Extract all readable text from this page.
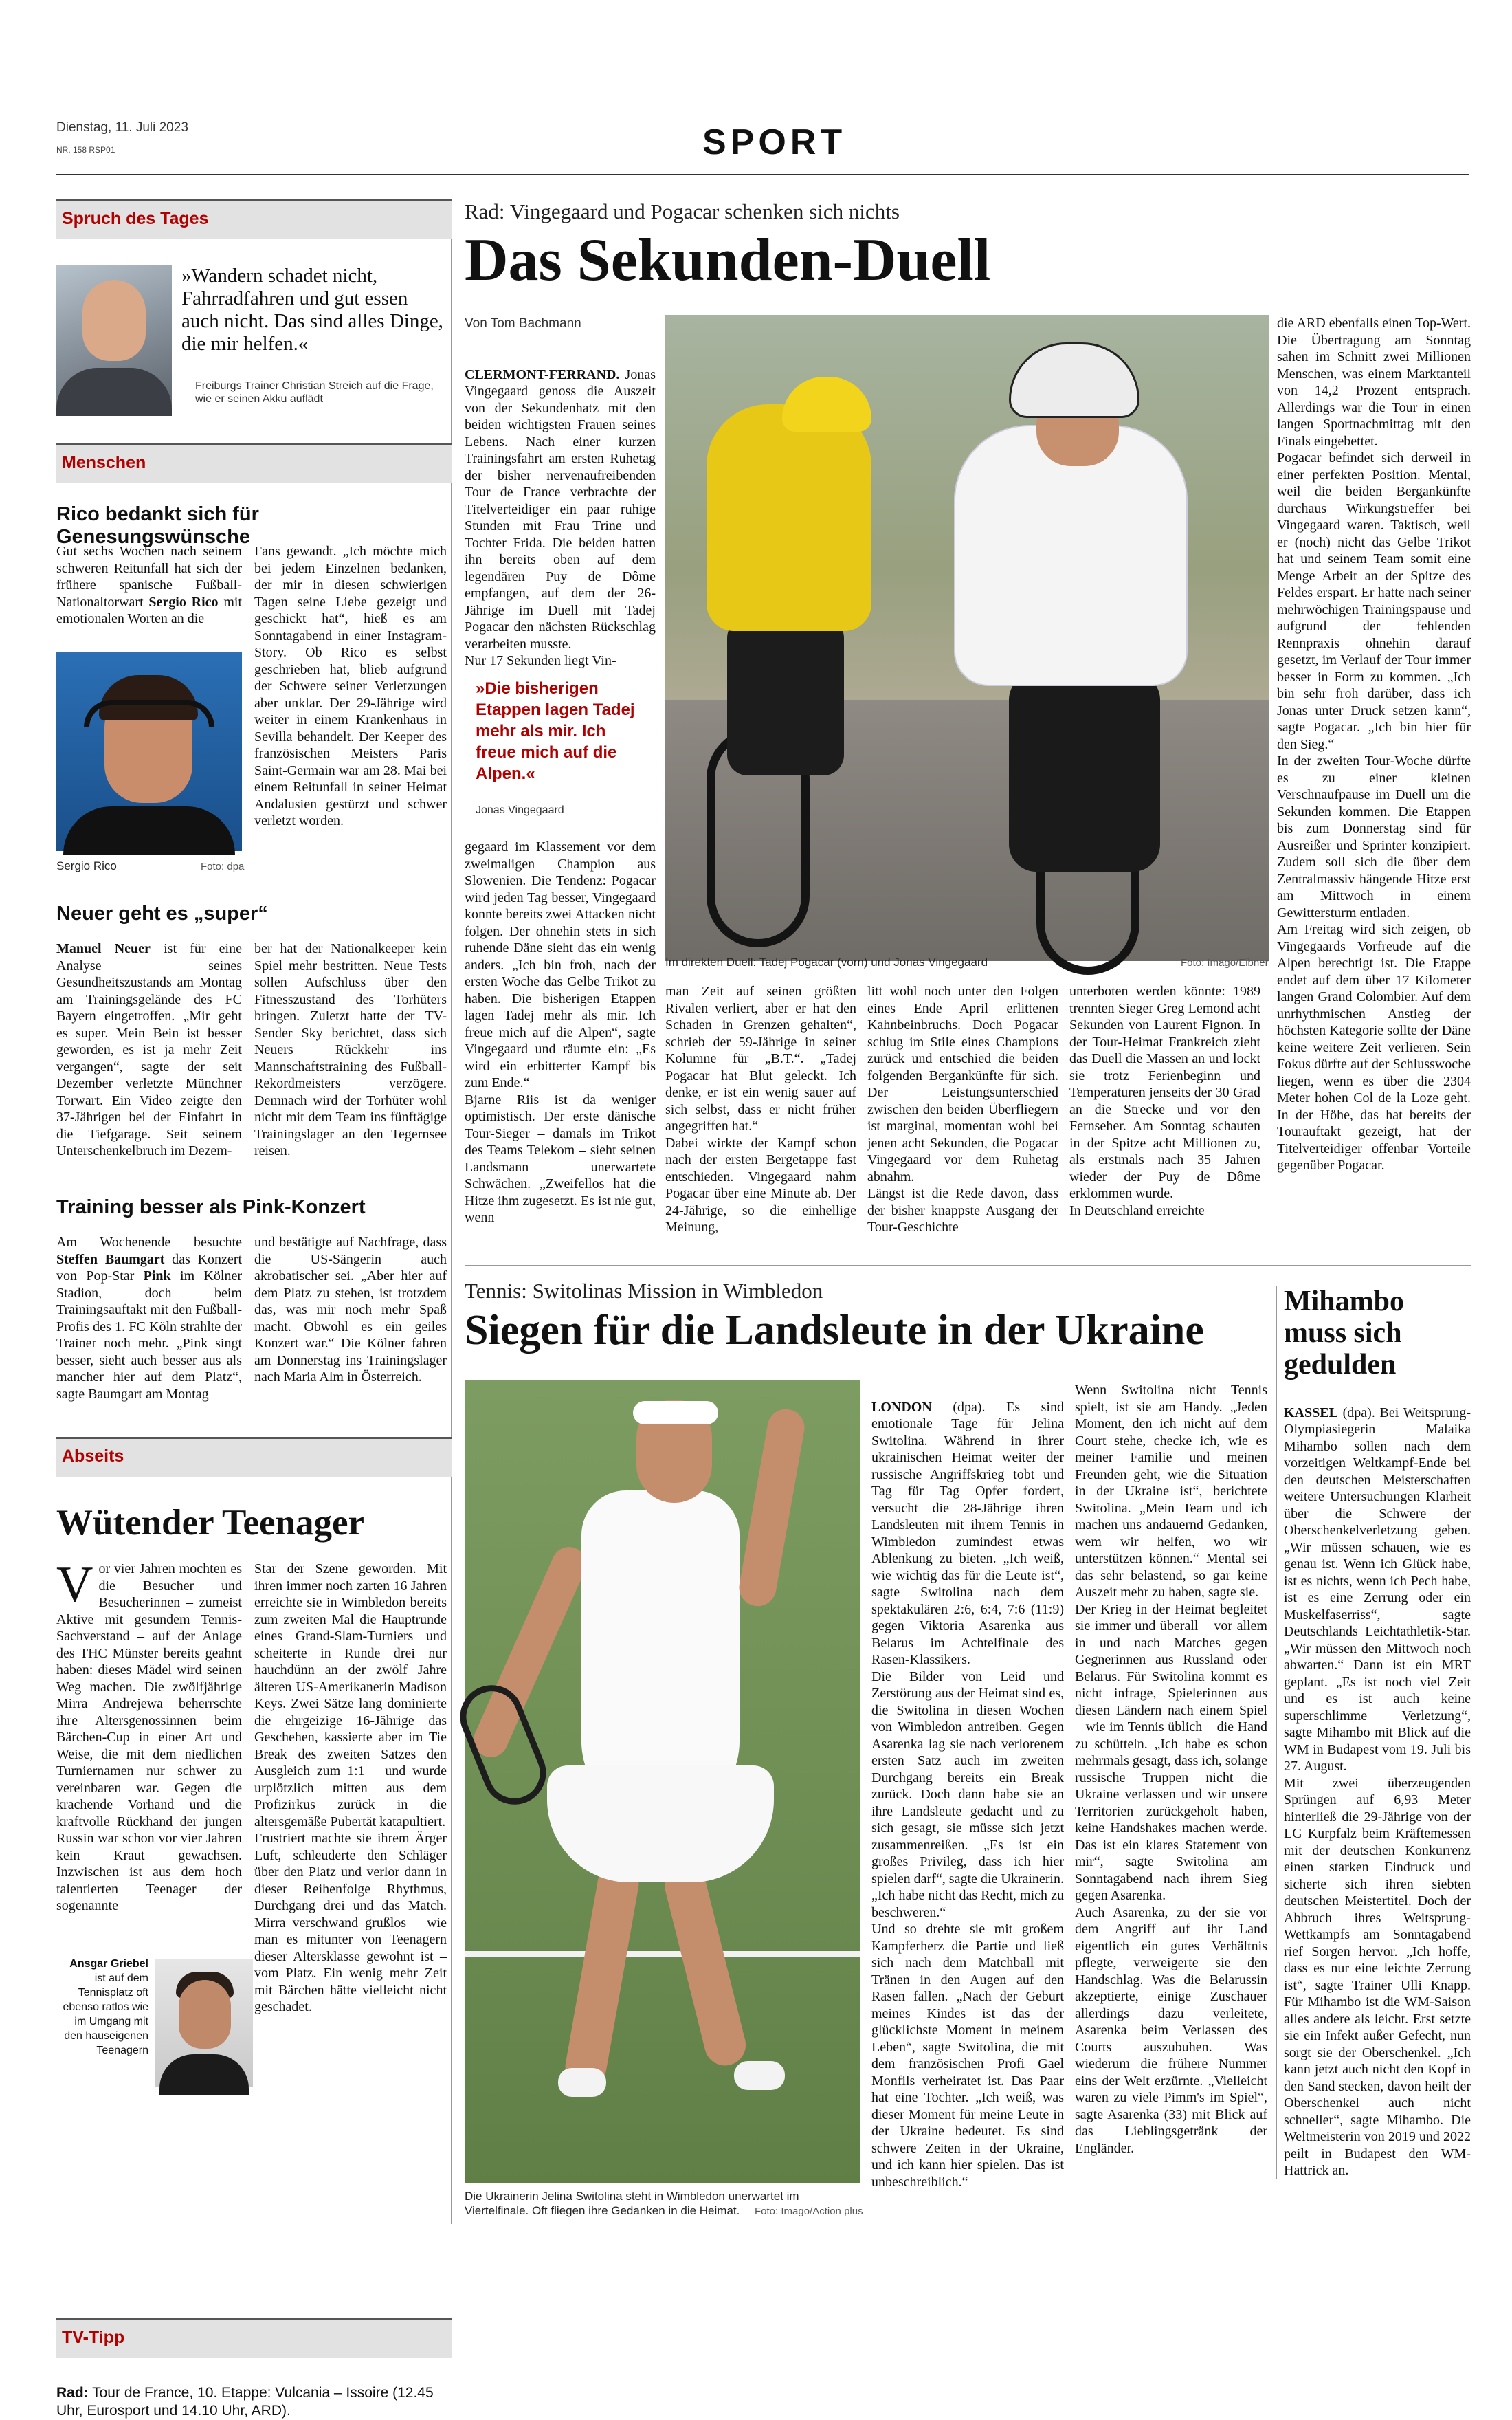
Dienstag, 11. Juli 2023
NR. 158 RSP01	SPORT
Spruch des Tages
»Wandern schadet nicht, Fahrradfahren und gut essen auch nicht. Das sind alles Dinge, die mir helfen.«
Freiburgs Trainer Christian Streich auf die Frage, wie er seinen Akku auflädt
Menschen
Rico bedankt sich für Genesungswünsche
Gut sechs Wochen nach seinem schweren Reitunfall hat sich der frühere spanische Fußball-Nationaltorwart Sergio Rico mit emotionalen Worten an die
Sergio Rico	Foto: dpa
Fans gewandt. „Ich möchte mich bei jedem Einzelnen bedanken, der mir in diesen schwierigen Tagen seine Liebe gezeigt und geschickt hat“, hieß es am Sonntagabend in einer Instagram-Story. Ob Rico es selbst geschrieben hat, blieb aufgrund der Schwere seiner Verletzungen aber unklar. Der 29-Jährige wird weiter in einem Krankenhaus in Sevilla behandelt. Der Keeper des französischen Meisters Paris Saint-Germain war am 28. Mai bei einem Reitunfall in seiner Heimat Andalusien gestürzt und schwer verletzt worden.
Neuer geht es „super“
Manuel Neuer ist für eine Analyse seines Gesundheitszustands am Montag am Trainingsgelände des FC Bayern eingetroffen. „Mir geht es super. Mein Bein ist besser geworden, es ist ja mehr Zeit vergangen“, sagte der seit Dezember verletzte Münchner Torwart. Ein Video zeigte den 37-Jährigen bei der Einfahrt in die Tiefgarage. Seit seinem Unterschenkelbruch im Dezem-
ber hat der Nationalkeeper kein Spiel mehr bestritten. Neue Tests sollen Aufschluss über den Fitnesszustand des Torhüters bringen. Zuletzt hatte der TV-Sender Sky berichtet, dass sich Neuers Rückkehr ins Mannschaftstraining des Fußball-Rekordmeisters verzögere. Demnach wird der Torhüter wohl nicht mit dem Team ins fünftägige Trainingslager an den Tegernsee reisen.
Training besser als Pink-Konzert
Am Wochenende besuchte Steffen Baumgart das Konzert von Pop-Star Pink im Kölner Stadion, doch beim Trainingsauftakt mit den Fußball-Profis des 1. FC Köln strahlte der Trainer noch mehr. „Pink singt besser, sieht auch besser aus als mancher hier auf dem Platz“, sagte Baumgart am Montag
und bestätigte auf Nachfrage, dass die US-Sängerin auch akrobatischer sei. „Aber hier auf dem Platz zu stehen, ist trotzdem das, was mir noch mehr Spaß macht. Obwohl es ein geiles Konzert war.“ Die Kölner fahren am Donnerstag ins Trainingslager nach Maria Alm in Österreich.
Abseits
Wütender Teenager
Vor vier Jahren mochten es die Besucher und Besucherinnen – zumeist Aktive mit gesundem Tennis-Sachverstand – auf der Anlage des THC Münster bereits geahnt haben: dieses Mädel wird seinen Weg machen. Die zwölfjährige Mirra Andrejewa beherrschte ihre Altersgenossinnen beim Bärchen-Cup in einer Art und Weise, die mit dem niedlichen Turniernamen nur schwer zu vereinbaren war. Gegen die krachende Vorhand und die kraftvolle Rückhand der jungen Russin war schon vor vier Jahren kein Kraut gewachsen. Inzwischen ist aus dem hoch talentierten Teenager der sogenannte
Star der Szene geworden. Mit ihren immer noch zarten 16 Jahren erreichte sie in Wimbledon bereits zum zweiten Mal die Hauptrunde eines Grand-Slam-Turniers und scheiterte in Runde drei nur hauchdünn an der zwölf Jahre älteren US-Amerikanerin Madison Keys. Zwei Sätze lang dominierte die ehrgeizige 16-Jährige das Geschehen, kassierte aber im Tie Break des zweiten Satzes den Ausgleich zum 1:1 – und wurde urplötzlich mitten aus dem Profizirkus zurück in die altersgemäße Pubertät katapultiert.
Frustriert machte sie ihrem Ärger Luft, schleuderte den Schläger über den Platz und verlor dann in dieser Reihenfolge Rhythmus, Durchgang drei und das Match. Mirra verschwand grußlos – wie man es mitunter von Teenagern dieser Altersklasse gewohnt ist – vom Platz. Ein wenig mehr Zeit mit Bärchen hätte vielleicht nicht geschadet.
Ansgar Griebel
ist auf dem Tennisplatz oft ebenso ratlos wie im Umgang mit den hauseigenen Teenagern
TV-Tipp
Rad: Tour de France, 10. Etappe: Vulcania – Issoire (12.45 Uhr, Eurosport und 14.10 Uhr, ARD).
Rad: Vingegaard und Pogacar schenken sich nichts
Das Sekunden-Duell
Von Tom Bachmann

CLERMONT-FERRAND. Jonas Vingegaard genoss die Auszeit von der Sekundenhatz mit den beiden wichtigsten Frauen seines Lebens. Nach einer kurzen Trainingsfahrt am ersten Ruhetag der bisher nervenaufreibenden Tour de France verbrachte der Titelverteidiger ein paar ruhige Stunden mit Frau Trine und Tochter Frida. Die beiden hatten ihn bereits oben auf dem legendären Puy de Dôme empfangen, auf dem der 26-Jährige im Duell mit Tadej Pogacar den nächsten Rückschlag verarbeiten musste.
Nur 17 Sekunden liegt Vin-

»Die bisherigen Etappen lagen Tadej mehr als mir. Ich freue mich auf die Alpen.«
Jonas Vingegaard
gegaard im Klassement vor dem zweimaligen Champion aus Slowenien. Die Tendenz: Pogacar wird jeden Tag besser, Vingegaard konnte bereits zwei Attacken nicht folgen. Der ohnehin stets in sich ruhende Däne sieht das ein wenig anders. „Ich bin froh, nach der ersten Woche das Gelbe Trikot zu haben. Die bisherigen Etappen lagen Tadej mehr als mir. Ich freue mich auf die Alpen“, sagte Vingegaard und räumte ein: „Es wird ein erbitterter Kampf bis zum Ende.“
Bjarne Riis ist da weniger optimistisch. Der erste dänische Tour-Sieger – damals im Trikot des Teams Telekom – sieht seinen Landsmann unerwartete Schwächen. „Zweifellos hat die Hitze ihm zugesetzt. Es ist nie gut, wenn
Im direkten Duell: Tadej Pogacar (vorn) und Jonas Vingegaard	Foto: Imago/Eibner
man Zeit auf seinen größten Rivalen verliert, aber er hat den Schaden in Grenzen gehalten“, schrieb der 59-Jährige in seiner Kolumne für „B.T.“. „Tadej Pogacar hat Blut geleckt. Ich denke, er ist ein wenig sauer auf sich selbst, dass er nicht früher angegriffen hat.“
Dabei wirkte der Kampf schon nach der ersten Bergetappe fast entschieden. Vingegaard nahm Pogacar über eine Minute ab. Der 24-Jährige, so die einhellige Meinung,
litt wohl noch unter den Folgen eines Ende April erlittenen Kahnbeinbruchs. Doch Pogacar schlug im Stile eines Champions zurück und entschied die beiden folgenden Bergankünfte für sich. Der Leistungsunterschied zwischen den beiden Überfliegern ist marginal, momentan wohl bei jenen acht Sekunden, die Pogacar Vingegaard vor dem Ruhetag abnahm.
Längst ist die Rede davon, dass der bisher knappste Ausgang der Tour-Geschichte
unterboten werden könnte: 1989 trennten Sieger Greg Lemond acht Sekunden von Laurent Fignon. In der Tour-Heimat Frankreich zieht das Duell die Massen an und lockt sie trotz Ferienbeginn und Temperaturen jenseits der 30 Grad an die Strecke und vor den Fernseher. Am Sonntag schauten in der Spitze acht Millionen zu, als erstmals nach 35 Jahren wieder der Puy de Dôme erklommen wurde.
In Deutschland erreichte
die ARD ebenfalls einen Top-Wert. Die Übertragung am Sonntag sahen im Schnitt zwei Millionen Menschen, was einem Marktanteil von 14,2 Prozent entsprach. Allerdings war die Tour in einen langen Sportnachmittag mit den Finals eingebettet.
Pogacar befindet sich derweil in einer perfekten Position. Mental, weil die beiden Bergankünfte durchaus Wirkungstreffer bei Vingegaard waren. Taktisch, weil er (noch) nicht das Gelbe Trikot hat und seinem Team somit eine Menge Arbeit an der Spitze des Feldes erspart. Er hatte nach seiner mehrwöchigen Trainingspause und aufgrund der fehlenden Rennpraxis ohnehin darauf gesetzt, im Verlauf der Tour immer besser in Form zu kommen. „Ich bin sehr froh darüber, dass ich Jonas unter Druck setzen kann“, sagte Pogacar. „Ich bin hier für den Sieg.“
In der zweiten Tour-Woche dürfte es zu einer kleinen Verschnaufpause im Duell um die Sekunden kommen. Die Etappen bis zum Donnerstag sind für Ausreißer und Sprinter konzipiert. Zudem soll sich die über dem Zentralmassiv hängende Hitze erst am Mittwoch in einem Gewittersturm entladen.
Am Freitag wird sich zeigen, ob Vingegaards Vorfreude auf die Alpen berechtigt ist. Die Etappe endet auf dem über 17 Kilometer langen Grand Colombier. Auf dem unrhythmischen Anstieg der höchsten Kategorie sollte der Däne keine weitere Zeit verlieren. Sein Fokus dürfte auf der Schlusswoche liegen, wenn es über die 2304 Meter hohen Col de la Loze geht. In der Höhe, das hat bereits der Tourauftakt gezeigt, hat der Titelverteidiger offenbar Vorteile gegenüber Pogacar.
Tennis: Switolinas Mission in Wimbledon
Siegen für die Landsleute in der Ukraine
Die Ukrainerin Jelina Switolina steht in Wimbledon unerwartet im Viertelfinale. Oft fliegen ihre Gedanken in die Heimat.	Foto: Imago/Action plus

LONDON (dpa). Es sind emotionale Tage für Jelina Switolina. Während in ihrer ukrainischen Heimat weiter der russische Angriffskrieg tobt und Tag für Tag Opfer fordert, versucht die 28-Jährige ihren Landsleuten mit ihrem Tennis in Wimbledon zumindest etwas Ablenkung zu bieten. „Ich weiß, wie wichtig das für die Leute ist“, sagte Switolina nach dem spektakulären 2:6, 6:4, 7:6 (11:9) gegen Viktoria Asarenka aus Belarus im Achtelfinale des Rasen-Klassikers.
Die Bilder von Leid und Zerstörung aus der Heimat sind es, die Switolina in diesen Wochen von Wimbledon antreiben. Gegen Asarenka lag sie nach verlorenem ersten Satz auch im zweiten Durchgang bereits ein Break zurück. Doch dann habe sie an ihre Landsleute gedacht und zu sich gesagt, sie müsse sich jetzt zusammenreißen. „Es ist ein großes Privileg, dass ich hier spielen darf“, sagte die Ukrainerin. „Ich habe nicht das Recht, mich zu beschweren.“
Und so drehte sie mit großem Kampferherz die Partie und ließ sich nach dem Matchball mit Tränen in den Augen auf den Rasen fallen. „Nach der Geburt meines Kindes ist das der glücklichste Moment in meinem Leben“, sagte Switolina, die mit dem französischen Profi Gael Monfils verheiratet ist. Das Paar hat eine Tochter. „Ich weiß, was dieser Moment für meine Leute in der Ukraine bedeutet. Es sind schwere Zeiten in der Ukraine, und ich kann hier spielen. Das ist unbeschreiblich.“

Wenn Switolina nicht Tennis spielt, ist sie am Handy. „Jeden Moment, den ich nicht auf dem Court stehe, checke ich, wie es meiner Familie und meinen Freunden geht, wie die Situation in der Ukraine ist“, berichtete Switolina. „Mein Team und ich machen uns andauernd Gedanken, wem wir helfen, wo wir unterstützen können.“ Mental sei das sehr belastend, so gar keine Auszeit mehr zu haben, sagte sie.
Der Krieg in der Heimat begleitet sie immer und überall – vor allem in und nach Matches gegen Gegnerinnen aus Russland oder Belarus. Für Switolina kommt es nicht infrage, Spielerinnen aus diesen Ländern nach einem Spiel – wie im Tennis üblich – die Hand zu schütteln. „Ich habe es schon mehrmals gesagt, dass ich, solange russische Truppen nicht die Ukraine verlassen und wir unsere Territorien zurückgeholt haben, keine Handshakes machen werde. Das ist ein klares Statement von mir“, sagte Switolina am Sonntagabend nach ihrem Sieg gegen Asarenka.
Auch Asarenka, zu der sie vor dem Angriff auf ihr Land eigentlich ein gutes Verhältnis pflegte, verweigerte sie den Handschlag. Was die Belarussin akzeptierte, einige Zuschauer allerdings dazu verleitete, Asarenka beim Verlassen des Courts auszubuhen. Was wiederum die frühere Nummer eins der Welt erzürnte. „Vielleicht waren zu viele Pimm's im Spiel“, sagte Asarenka (33) mit Blick auf das Lieblingsgetränk der Engländer.
Mihambo muss sich gedulden

KASSEL (dpa). Bei Weitsprung-Olympiasiegerin Malaika Mihambo sollen nach dem vorzeitigen Weltkampf-Ende bei den deutschen Meisterschaften weitere Untersuchungen Klarheit über die Schwere der Oberschenkelverletzung geben. „Wir müssen schauen, wie es genau ist. Wenn ich Glück habe, ist es nichts, wenn ich Pech habe, ist es eine Zerrung oder ein Muskelfaserriss“, sagte Deutschlands Leichtathletik-Star. „Wir müssen den Mittwoch noch abwarten.“ Dann ist ein MRT geplant. „Es ist noch viel Zeit und es ist auch keine superschlimme Verletzung“, sagte Mihambo mit Blick auf die WM in Budapest vom 19. Juli bis 27. August.
Mit zwei überzeugenden Sprüngen auf 6,93 Meter hinterließ die 29-Jährige von der LG Kurpfalz beim Kräftemessen mit der deutschen Konkurrenz einen starken Eindruck und sicherte sich ihren siebten deutschen Meistertitel. Doch der Abbruch ihres Weitsprung-Wettkampfs am Sonntagabend rief Sorgen hervor. „Ich hoffe, dass es nur eine leichte Zerrung ist“, sagte Trainer Ulli Knapp. Für Mihambo ist die WM-Saison alles andere als leicht. Erst setzte sie ein Infekt außer Gefecht, nun sorgt sie der Oberschenkel. „Ich kann jetzt auch nicht den Kopf in den Sand stecken, davon heilt der Oberschenkel auch nicht schneller“, sagte Mihambo. Die Weltmeisterin von 2019 und 2022 peilt in Budapest den WM-Hattrick an.
